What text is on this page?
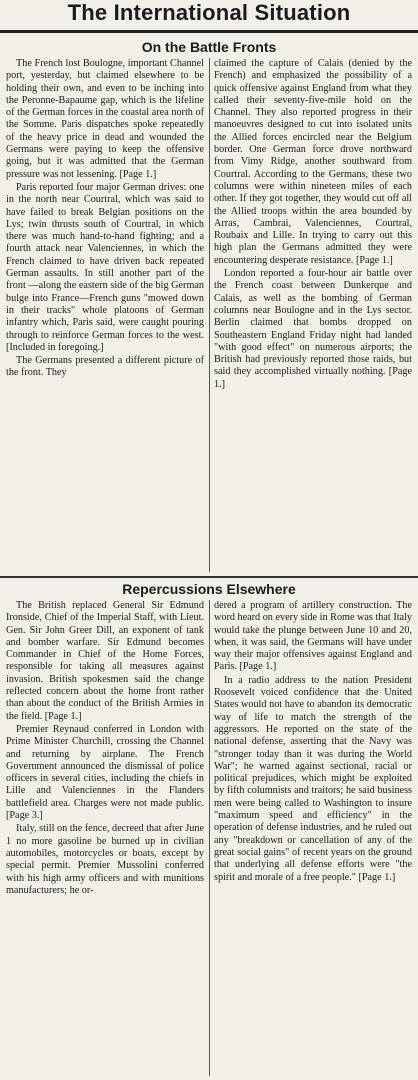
The International Situation
On the Battle Fronts

The French lost Boulogne, important Channel port, yesterday, but claimed elsewhere to be holding their own, and even to be inching into the Peronne-Bapaume gap, which is the lifeline of the German forces in the coastal area north of the Somme. Paris dispatches spoke repeatedly of the heavy price in dead and wounded the Germans were paying to keep the offensive going, but it was admitted that the German pressure was not lessening. [Page 1.]

Paris reported four major German drives: one in the north near Courtral, which was said to have failed to break Belgian positions on the Lys; twin thrusts south of Courtral, in which there was much hand-to-hand fighting; and a fourth attack near Valenciennes, in which the French claimed to have driven back repeated German assaults. In still another part of the front —along the eastern side of the big German bulge into France—French guns "mowed down in their tracks" whole platoons of German infantry which, Paris said, were caught pouring through to reinforce German forces to the west. [Included in foregoing.]

The Germans presented a different picture of the front. They

claimed the capture of Calais (denied by the French) and emphasized the possibility of a quick offensive against England from what they called their seventy-five-mile hold on the Channel. They also reported progress in their manoeuvres designed to cut into isolated units the Allied forces encircled near the Belgium border. One German force drove northward from Vimy Ridge, another southward from Courtral. According to the Germans, these two columns were within nineteen miles of each other. If they got together, they would cut off all the Allied troops within the area bounded by Arras, Cambrai, Valenciennes, Courtral, Roubaix and Lille. In trying to carry out this high plan the Germans admitted they were encountering desperate resistance. [Page 1.]

London reported a four-hour air battle over the French coast between Dunkerque and Calais, as well as the bombing of German columns near Boulogne and in the Lys sector. Berlin claimed that bombs dropped on Southeastern England Friday night had landed "with good effect" on numerous airports; the British had previously reported those raids, but said they accomplished virtually nothing. [Page 1.]

Repercussions Elsewhere

The British replaced General Sir Edmund Ironside, Chief of the Imperial Staff, with Lieut. Gen. Sir John Greer Dill, an exponent of tank and bomber warfare. Sir Edmund becomes Commander in Chief of the Home Forces, responsible for taking all measures against invasion. British spokesmen said the change reflected concern about the home front rather than about the conduct of the British Armies in the field. [Page 1.]

Premier Reynaud conferred in London with Prime Minister Churchill, crossing the Channel and returning by airplane. The French Government announced the dismissal of police officers in several cities, including the chiefs in Lille and Valenciennes in the Flanders battlefield area. Charges were not made public. [Page 3.]

Italy, still on the fence, decreed that after June 1 no more gasoline be burned up in civilian automobiles, motorcycles or boats, except by special permit. Premier Mussolini conferred with his high army officers and with munitions manufacturers; he or-

dered a program of artillery construction. The word heard on every side in Rome was that Italy would take the plunge between June 10 and 20, when, it was said, the Germans will have under way their major offensives against England and Paris. [Page 1.]

In a radio address to the nation President Roosevelt voiced confidence that the United States would not have to abandon its democratic way of life to match the strength of the aggressors. He reported on the state of the national defense, asserting that the Navy was "stronger today than it was during the World War"; he warned against sectional, racial or political prejudices, which might be exploited by fifth columnists and traitors; he said business men were being called to Washington to insure "maximum speed and efficiency" in the operation of defense industries, and he ruled out any "breakdown or cancellation of any of the great social gains" of recent years on the ground that underlying all defense efforts were "the spirit and morale of a free people." [Page 1.]
